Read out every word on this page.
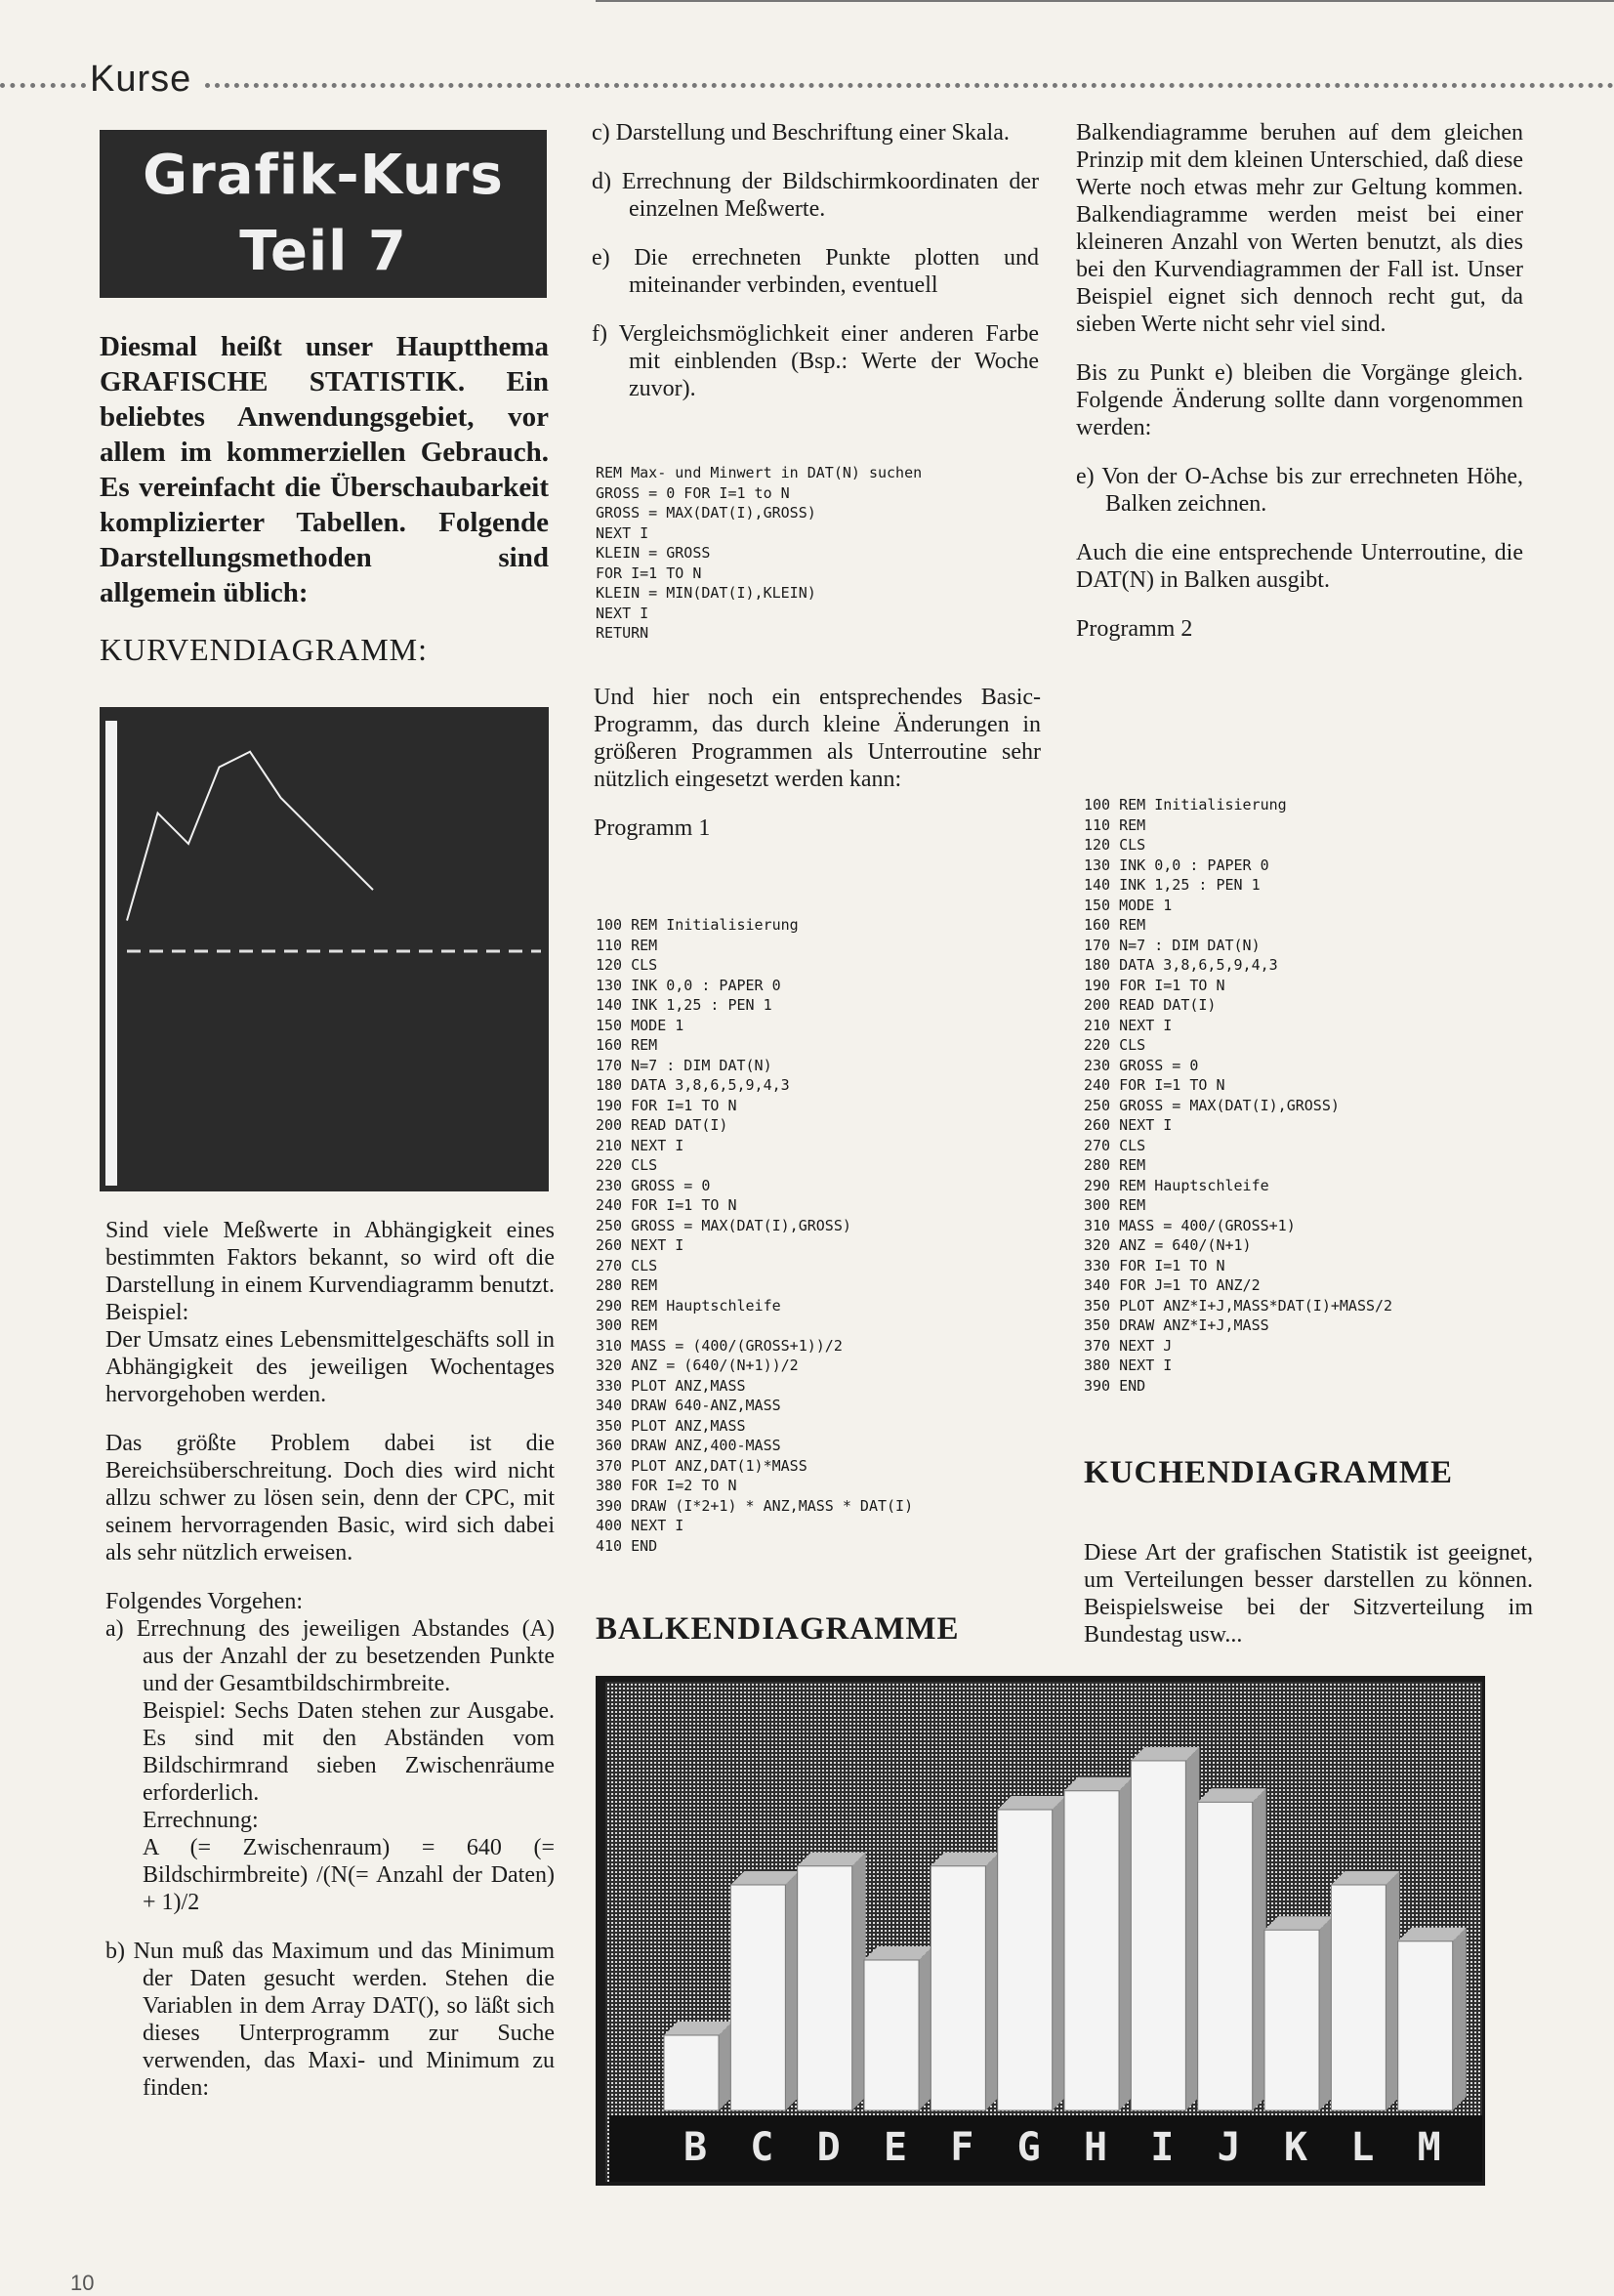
Kurse
Grafik-Kurs
Teil 7

Diesmal heißt unser Hauptthema GRAFISCHE STATISTIK. Ein beliebtes Anwendungsgebiet, vor allem im kommerziellen Gebrauch. Es vereinfacht die Überschaubarkeit komplizierter Tabellen. Folgende Darstellungsmethoden sind allgemein üblich:

KURVENDIAGRAMM:

Sind viele Meßwerte in Abhängigkeit eines bestimmten Faktors bekannt, so wird oft die Darstellung in einem Kurvendiagramm benutzt. Beispiel:

Der Umsatz eines Lebensmittelgeschäfts soll in Abhängigkeit des jeweiligen Wochentages hervorgehoben werden.

Das größte Problem dabei ist die Bereichsüberschreitung. Doch dies wird nicht allzu schwer zu lösen sein, denn der CPC, mit seinem hervorragenden Basic, wird sich dabei als sehr nützlich erweisen.

Folgendes Vorgehen:

a) Errechnung des jeweiligen Abstandes (A) aus der Anzahl der zu besetzenden Punkte und der Gesamtbildschirmbreite.
Beispiel: Sechs Daten stehen zur Ausgabe. Es sind mit den Abständen vom Bildschirmrand sieben Zwischenräume erforderlich.
Errechnung:
A (= Zwischenraum) = 640 (= Bildschirmbreite) /(N(= Anzahl der Daten) + 1)/2
b) Nun muß das Maximum und das Minimum der Daten gesucht werden. Stehen die Variablen in dem Array DAT(), so läßt sich dieses Unterprogramm zur Suche verwenden, das Maxi- und Minimum zu finden:

c) Darstellung und Beschriftung einer Skala.

d) Errechnung der Bildschirmkoordinaten der einzelnen Meßwerte.

e) Die errechneten Punkte plotten und miteinander verbinden, eventuell

f) Vergleichsmöglichkeit einer anderen Farbe mit einblenden (Bsp.: Werte der Woche zuvor).

REM Max- und Minwert in DAT(N) suchen
GROSS = 0 FOR I=1 to N
GROSS = MAX(DAT(I),GROSS)
NEXT I
KLEIN = GROSS
FOR I=1 TO N
KLEIN = MIN(DAT(I),KLEIN)
NEXT I
RETURN

Und hier noch ein entsprechendes Basic-Programm, das durch kleine Änderungen in größeren Programmen als Unterroutine sehr nützlich eingesetzt werden kann:

Programm 1

100 REM Initialisierung
110 REM
120 CLS
130 INK 0,0 : PAPER 0
140 INK 1,25 : PEN 1
150 MODE 1
160 REM
170 N=7 : DIM DAT(N)
180 DATA 3,8,6,5,9,4,3
190 FOR I=1 TO N
200 READ DAT(I)
210 NEXT I
220 CLS
230 GROSS = 0
240 FOR I=1 TO N
250 GROSS = MAX(DAT(I),GROSS)
260 NEXT I
270 CLS
280 REM
290 REM Hauptschleife
300 REM
310 MASS = (400/(GROSS+1))/2
320 ANZ = (640/(N+1))/2
330 PLOT ANZ,MASS
340 DRAW 640-ANZ,MASS
350 PLOT ANZ,MASS
360 DRAW ANZ,400-MASS
370 PLOT ANZ,DAT(1)*MASS
380 FOR I=2 TO N
390 DRAW (I*2+1) * ANZ,MASS * DAT(I)
400 NEXT I
410 END
BALKENDIAGRAMME

Balkendiagramme beruhen auf dem gleichen Prinzip mit dem kleinen Unterschied, daß diese Werte noch etwas mehr zur Geltung kommen. Balkendiagramme werden meist bei einer kleineren Anzahl von Werten benutzt, als dies bei den Kurvendiagrammen der Fall ist. Unser Beispiel eignet sich dennoch recht gut, da sieben Werte nicht sehr viel sind.

Bis zu Punkt e) bleiben die Vorgänge gleich. Folgende Änderung sollte dann vorgenommen werden:

e) Von der O-Achse bis zur errechneten Höhe, Balken zeichnen.

Auch die eine entsprechende Unterroutine, die DAT(N) in Balken ausgibt.

Programm 2

100 REM Initialisierung
110 REM
120 CLS
130 INK 0,0 : PAPER 0
140 INK 1,25 : PEN 1
150 MODE 1
160 REM
170 N=7 : DIM DAT(N)
180 DATA 3,8,6,5,9,4,3
190 FOR I=1 TO N
200 READ DAT(I)
210 NEXT I
220 CLS
230 GROSS = 0
240 FOR I=1 TO N
250 GROSS = MAX(DAT(I),GROSS)
260 NEXT I
270 CLS
280 REM
290 REM Hauptschleife
300 REM
310 MASS = 400/(GROSS+1)
320 ANZ = 640/(N+1)
330 FOR I=1 TO N
340 FOR J=1 TO ANZ/2
350 PLOT ANZ*I+J,MASS*DAT(I)+MASS/2
350 DRAW ANZ*I+J,MASS
370 NEXT J
380 NEXT I
390 END
KUCHENDIAGRAMME

Diese Art der grafischen Statistik ist geeignet, um Verteilungen besser darstellen zu können. Beispielsweise bei der Sitzverteilung im Bundestag usw...

B C D E F G H I J K L M
10
